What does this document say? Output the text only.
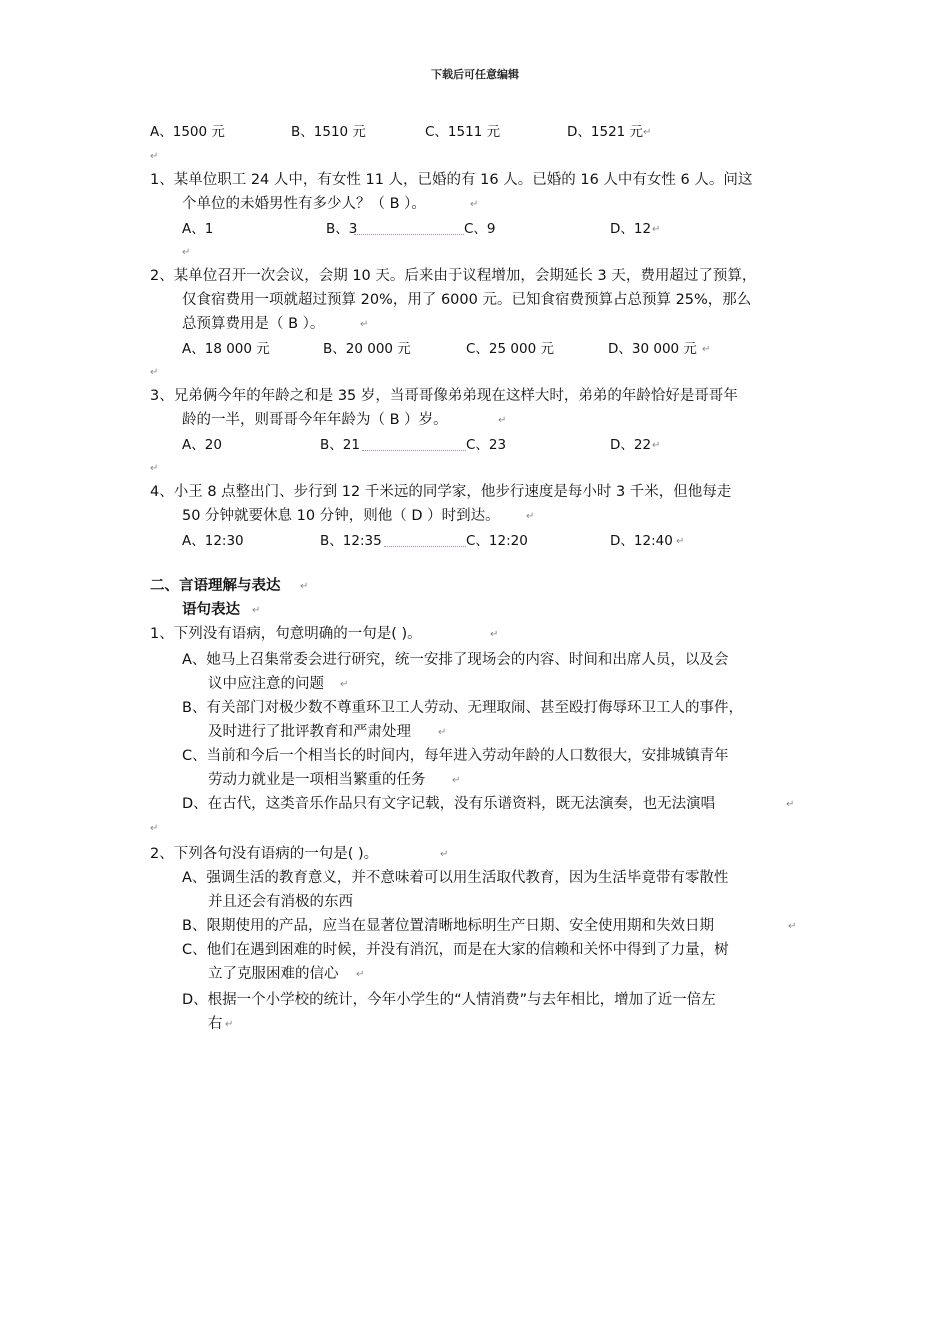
下载后可任意编辑
A、1500 元	B、1510 元	C、1511 元	D、1521 元 ↵
↵
1、某单位职工 24 人中，有女性 11 人，已婚的有 16 人。已婚的 16 人中有女性 6 人。问这
个单位的未婚男性有多少人？（ B ）。	↵
A、1	B、3	C、9	D、12 ↵
↵
2、某单位召开一次会议，会期 10 天。后来由于议程增加，会期延长 3 天，费用超过了预算，
仅食宿费用一项就超过预算 20%，用了 6000 元。已知食宿费预算占总预算 25%，那么
总预算费用是（ B ）。	↵
A、18 000 元	B、20 000 元	C、25 000 元	D、30 000 元 ↵
↵
3、兄弟俩今年的年龄之和是 35 岁，当哥哥像弟弟现在这样大时，弟弟的年龄恰好是哥哥年
龄的一半，则哥哥今年年龄为（ B ）岁。	↵
A、20	B、21	C、23	D、22 ↵
↵
4、小王 8 点整出门、步行到 12 千米远的同学家，他步行速度是每小时 3 千米，但他每走
50 分钟就要休息 10 分钟，则他（ D ）时到达。	↵
A、12:30	B、12:35	C、12:20	D、12:40 ↵
二、言语理解与表达 ↵
语句表达 ↵
1、下列没有语病，句意明确的一句是( )。	↵
A、她马上召集常委会进行研究，统一安排了现场会的内容、时间和出席人员，以及会
议中应注意的问题 ↵
B、有关部门对极少数不尊重环卫工人劳动、无理取闹、甚至殴打侮辱环卫工人的事件，
及时进行了批评教育和严肃处理	↵
C、当前和今后一个相当长的时间内，每年进入劳动年龄的人口数很大，安排城镇青年
劳动力就业是一项相当繁重的任务	↵
D、在古代，这类音乐作品只有文字记载，没有乐谱资料，既无法演奏，也无法演唱	↵
↵
2、下列各句没有语病的一句是( )。	↵
A、强调生活的教育意义，并不意味着可以用生活取代教育，因为生活毕竟带有零散性
并且还会有消极的东西
B、限期使用的产品，应当在显著位置清晰地标明生产日期、安全使用期和失效日期	↵
C、他们在遇到困难的时候，并没有消沉，而是在大家的信赖和关怀中得到了力量，树
立了克服困难的信心 ↵
D、根据一个小学校的统计，今年小学生的“人情消费”与去年相比，增加了近一倍左
右 ↵
